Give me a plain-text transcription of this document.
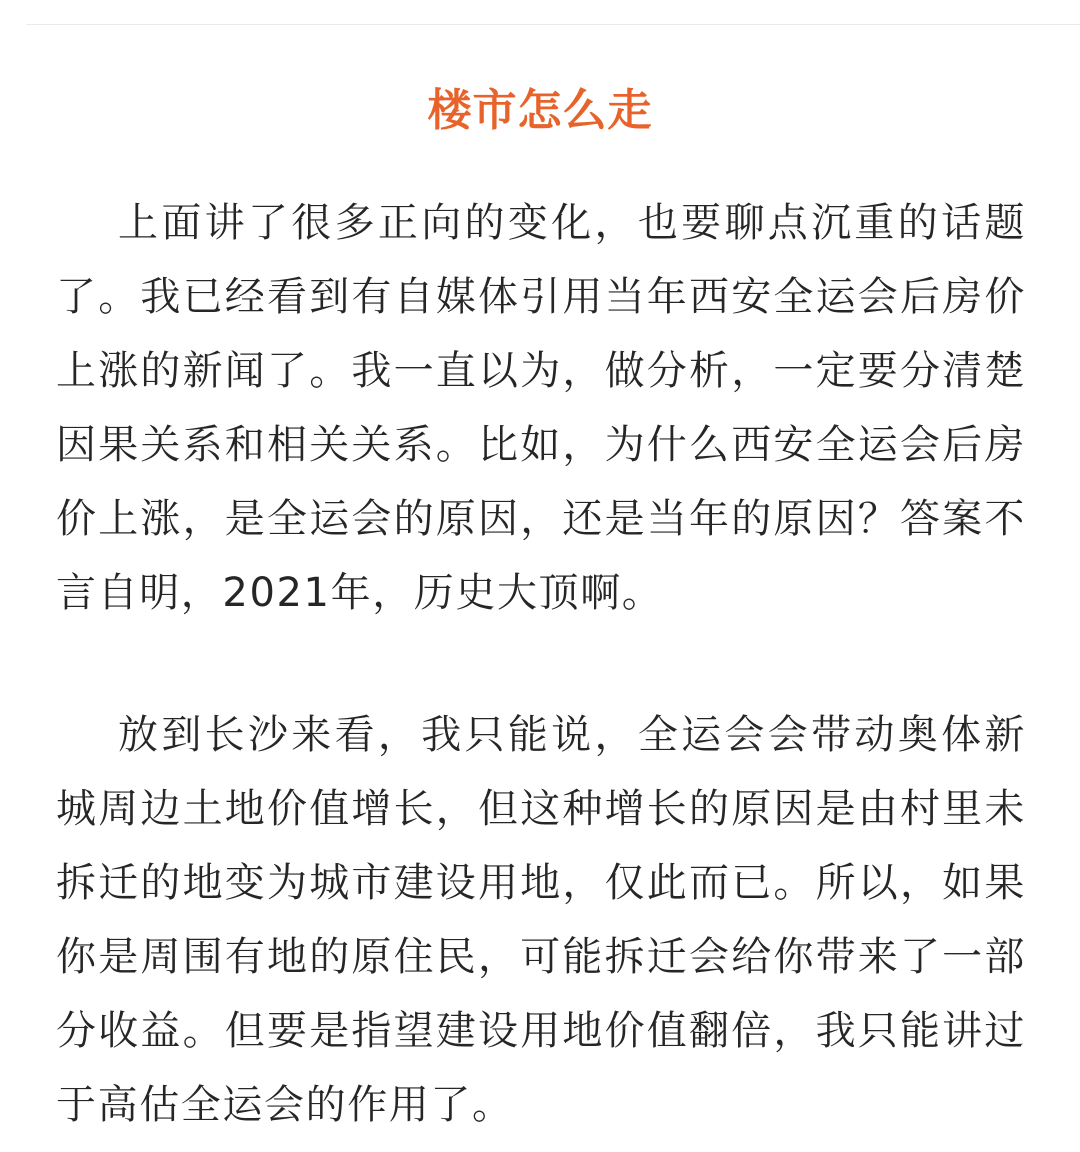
楼市怎么走

上面讲了很多正向的变化，也要聊点沉重的话题了。我已经看到有自媒体引用当年西安全运会后房价上涨的新闻了。我一直以为，做分析，一定要分清楚因果关系和相关关系。比如，为什么西安全运会后房价上涨，是全运会的原因，还是当年的原因？答案不言自明，2021年，历史大顶啊。

放到长沙来看，我只能说，全运会会带动奥体新城周边土地价值增长，但这种增长的原因是由村里未拆迁的地变为城市建设用地，仅此而已。所以，如果你是周围有地的原住民，可能拆迁会给你带来了一部分收益。但要是指望建设用地价值翻倍，我只能讲过于高估全运会的作用了。
